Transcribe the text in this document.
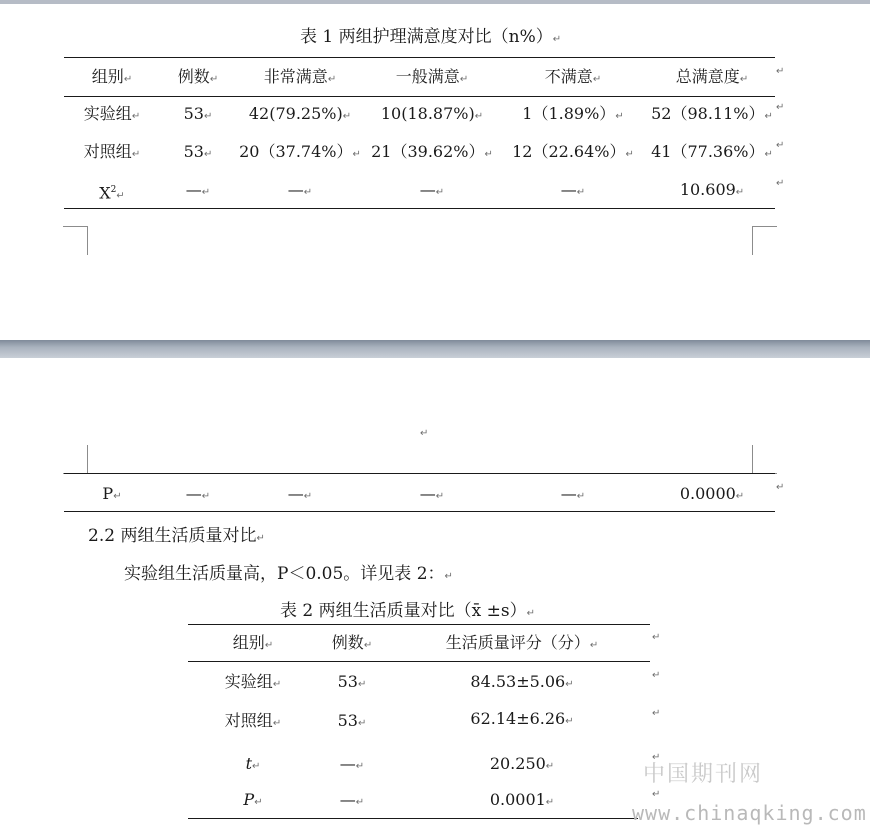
表 1 两组护理满意度对比（n%）↵
组别↵	例数↵	非常满意↵	一般满意↵	不满意↵	总满意度↵
↵
实验组↵	53↵ 42(79.25%)↵ 10(18.87%)↵ 1（1.89%）↵ 52（98.11%）↵
↵
对照组↵	53↵ 20（37.74%）↵ 21（39.62%）↵ 12（22.64%）↵ 41（77.36%）↵
↵
$X^2↵$	—↵	—↵	—↵	—↵	10.609↵
↵
↵
P↵	—↵	—↵	—↵	—↵	0.0000↵
↵
2.2 两组生活质量对比↵
实验组生活质量高，P＜0.05。详见表 2：↵
表 2 两组生活质量对比（x̄ ±s）↵
组别↵	例数↵	生活质量评分（分）↵
↵
实验组↵	53↵	84.53±5.06↵
↵
对照组↵	53↵	62.14±6.26↵
↵
t↵	—↵	20.250↵
↵
P↵	—↵	0.0001↵
↵
中国期刊网
www.chinaqking.com
